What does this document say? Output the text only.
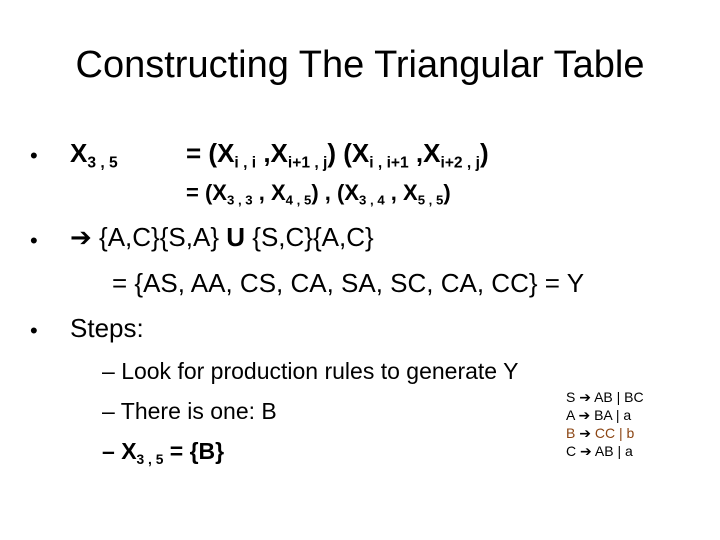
Constructing The Triangular Table
• $X_{3 , 5}$	= ($X_{i , i}$ $,X_{i+1 , j}$) ($X_{i , i+1}$ $,X_{i+2 , j}$)
= ($X_{3 , 3}$ , $X_{4 , 5}$) , ($X_{3 , 4}$ , $X_{5 , 5}$)
• ➔ {A,C}{S,A} U {S,C}{A,C}
= {AS, AA, CS, CA, SA, SC, CA, CC} = Y
• Steps:
– Look for production rules to generate Y
– There is one: B
– $X_{3 , 5} = \{B\}$
S ➔ AB | BC
A ➔ BA | a
B ➔ CC | b
C ➔ AB | a
